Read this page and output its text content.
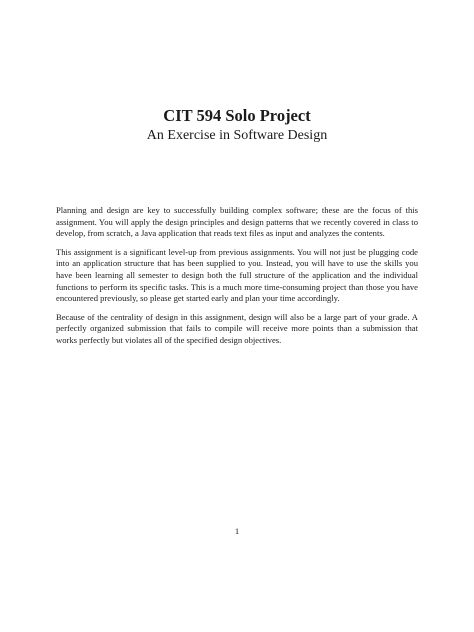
CIT 594 Solo Project
An Exercise in Software Design

Planning and design are key to successfully building complex software; these are the focus of this assignment. You will apply the design principles and design patterns that we recently covered in class to develop, from scratch, a Java application that reads text files as input and analyzes the contents.

This assignment is a significant level-up from previous assignments. You will not just be plugging code into an application structure that has been supplied to you. Instead, you will have to use the skills you have been learning all semester to design both the full structure of the application and the individual functions to perform its specific tasks. This is a much more time-consuming project than those you have encountered previously, so please get started early and plan your time accordingly.

Because of the centrality of design in this assignment, design will also be a large part of your grade. A perfectly organized submission that fails to compile will receive more points than a submission that works perfectly but violates all of the specified design objectives.

1
